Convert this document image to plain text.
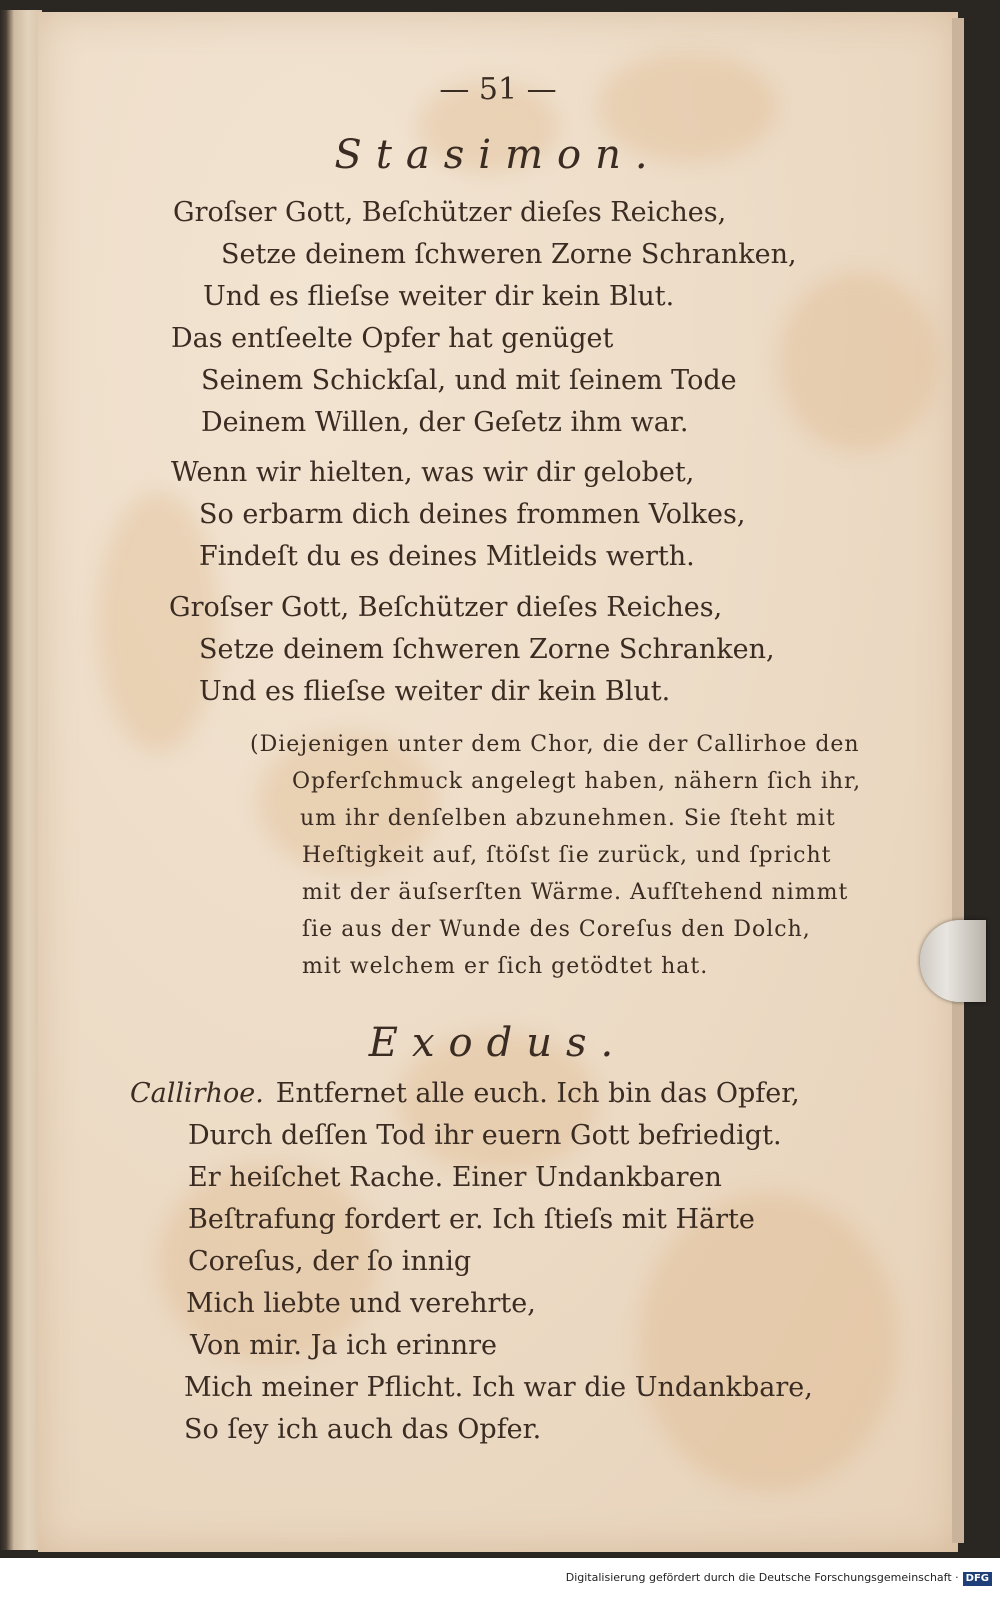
— 51 —
Stasimon.
Groſser Gott, Beſchützer dieſes Reiches,
Setze deinem ſchweren Zorne Schranken,
Und es flieſse weiter dir kein Blut.
Das entſeelte Opfer hat genüget
Seinem Schickſal, und mit ſeinem Tode
Deinem Willen, der Geſetz ihm war.
Wenn wir hielten, was wir dir gelobet,
So erbarm dich deines frommen Volkes,
Findeſt du es deines Mitleids werth.
Groſser Gott, Beſchützer dieſes Reiches,
Setze deinem ſchweren Zorne Schranken,
Und es flieſse weiter dir kein Blut.
(Diejenigen unter dem Chor, die der Callirhoe den
Opferſchmuck angelegt haben, nähern ſich ihr,
um ihr denſelben abzunehmen. Sie ſteht mit
Heſtigkeit auf, ſtöſst ſie zurück, und ſpricht
mit der äuſserſten Wärme. Aufſtehend nimmt
ſie aus der Wunde des Coreſus den Dolch,
mit welchem er ſich getödtet hat.
Exodus.
Callirhoe. Entfernet alle euch. Ich bin das Opfer,
Durch deſſen Tod ihr euern Gott befriedigt.
Er heiſchet Rache. Einer Undankbaren
Beſtrafung fordert er. Ich ſtieſs mit Härte
Coreſus, der ſo innig
Mich liebte und verehrte,
Von mir. Ja ich erinnre
Mich meiner Pflicht. Ich war die Undankbare,
So ſey ich auch das Opfer.
Digitalisierung gefördert durch die Deutsche Forschungsgemeinschaft · DFG
